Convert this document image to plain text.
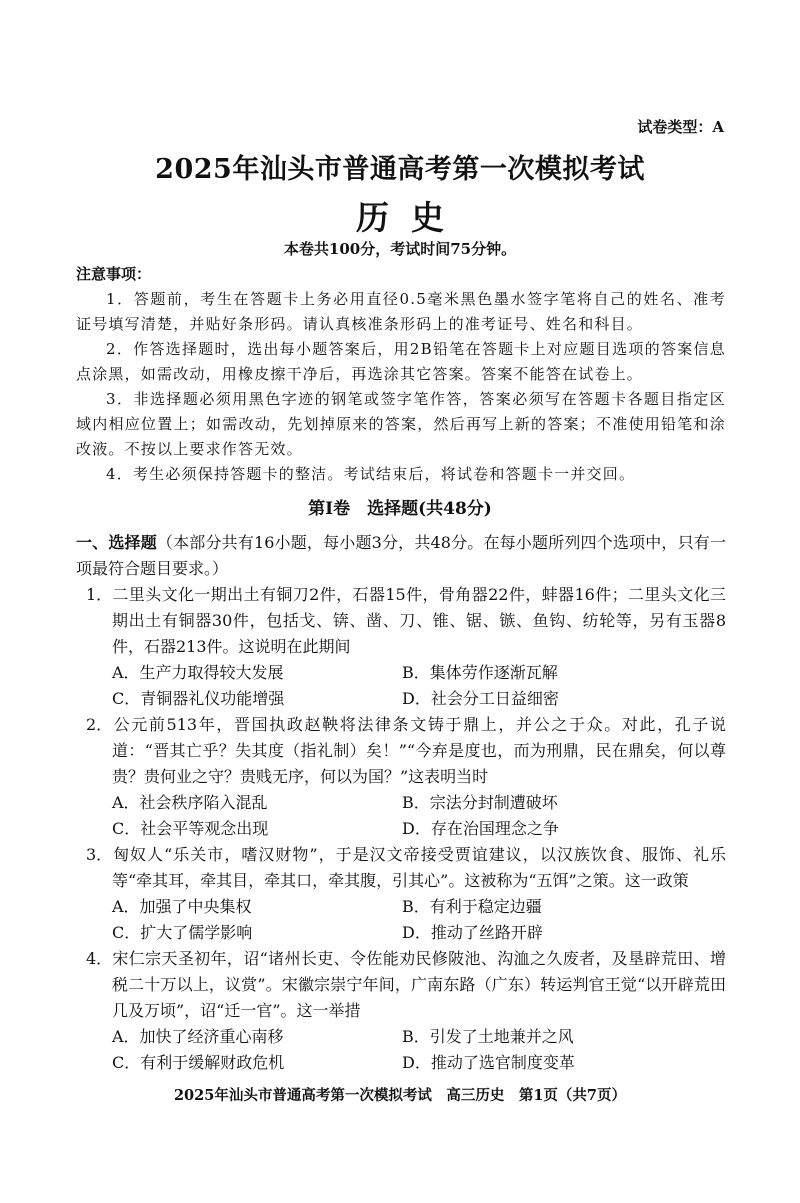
试卷类型：A
2025年汕头市普通高考第一次模拟考试
历史
本卷共100分，考试时间75分钟。
注意事项：

1．答题前，考生在答题卡上务必用直径0.5毫米黑色墨水签字笔将自己的姓名、准考证号填写清楚，并贴好条形码。请认真核准条形码上的准考证号、姓名和科目。

2．作答选择题时，选出每小题答案后，用2B铅笔在答题卡上对应题目选项的答案信息点涂黑，如需改动，用橡皮擦干净后，再选涂其它答案。答案不能答在试卷上。

3．非选择题必须用黑色字迹的钢笔或签字笔作答，答案必须写在答题卡各题目指定区域内相应位置上；如需改动，先划掉原来的答案，然后再写上新的答案；不准使用铅笔和涂改液。不按以上要求作答无效。

4．考生必须保持答题卡的整洁。考试结束后，将试卷和答题卡一并交回。

第Ⅰ卷　选择题(共48分)
一、选择题（本部分共有16小题，每小题3分，共48分。在每小题所列四个选项中，只有一项最符合题目要求。）
1．二里头文化一期出土有铜刀2件，石器15件，骨角器22件，蚌器16件；二里头文化三期出土有铜器30件，包括戈、锛、凿、刀、锥、锯、镞、鱼钩、纺轮等，另有玉器8件，石器213件。这说明在此期间
A．生产力取得较大发展	B．集体劳作逐渐瓦解
C．青铜器礼仪功能增强	D．社会分工日益细密
2．公元前513年，晋国执政赵鞅将法律条文铸于鼎上，并公之于众。对此，孔子说道：“晋其亡乎？失其度（指礼制）矣！”“今弃是度也，而为刑鼎，民在鼎矣，何以尊贵？贵何业之守？贵贱无序，何以为国？”这表明当时
A．社会秩序陷入混乱	B．宗法分封制遭破坏
C．社会平等观念出现	D．存在治国理念之争
3．匈奴人“乐关市，嗜汉财物”，于是汉文帝接受贾谊建议，以汉族饮食、服饰、礼乐等“牵其耳，牵其目，牵其口，牵其腹，引其心”。这被称为“五饵”之策。这一政策
A．加强了中央集权	B．有利于稳定边疆
C．扩大了儒学影响	D．推动了丝路开辟
4．宋仁宗天圣初年，诏“诸州长吏、令佐能劝民修陂池、沟洫之久废者，及垦辟荒田、增税二十万以上，议赏”。宋徽宗崇宁年间，广南东路（广东）转运判官王觉“以开辟荒田几及万顷”，诏“迁一官”。这一举措
A．加快了经济重心南移	B．引发了土地兼并之风
C．有利于缓解财政危机	D．推动了选官制度变革
2025年汕头市普通高考第一次模拟考试　高三历史　第1页（共7页）
